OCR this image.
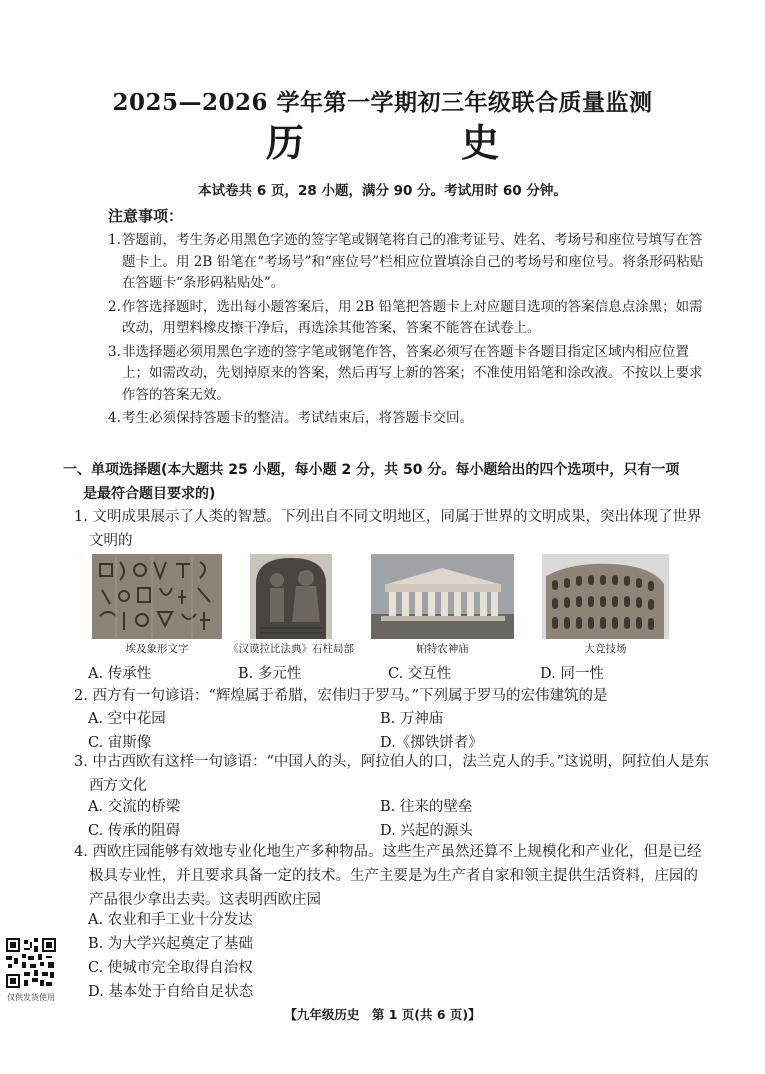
2025—2026 学年第一学期初三年级联合质量监测
历 史
本试卷共 6 页，28 小题，满分 90 分。考试用时 60 分钟。
注意事项：
1. 答题前，考生务必用黑色字迹的签字笔或钢笔将自己的准考证号、姓名、考场号和座位号填写在答题卡上。用 2B 铅笔在“考场号”和“座位号”栏相应位置填涂自己的考场号和座位号。将条形码粘贴在答题卡“条形码粘贴处”。
2. 作答选择题时，选出每小题答案后，用 2B 铅笔把答题卡上对应题目选项的答案信息点涂黑；如需改动，用塑料橡皮擦干净后，再选涂其他答案，答案不能答在试卷上。
3. 非选择题必须用黑色字迹的签字笔或钢笔作答，答案必须写在答题卡各题目指定区域内相应位置上；如需改动，先划掉原来的答案，然后再写上新的答案；不准使用铅笔和涂改液。不按以上要求作答的答案无效。
4. 考生必须保持答题卡的整洁。考试结束后，将答题卡交回。
一、单项选择题(本大题共 25 小题，每小题 2 分，共 50 分。每小题给出的四个选项中，只有一项
是最符合题目要求的)
1. 文明成果展示了人类的智慧。下列出自不同文明地区，同属于世界的文明成果，突出体现了世界文明的
埃及象形文字	《汉谟拉比法典》石柱局部	帕特农神庙	大竞技场
A. 传承性	B. 多元性	C. 交互性	D. 同一性
2. 西方有一句谚语：“辉煌属于希腊，宏伟归于罗马。”下列属于罗马的宏伟建筑的是
A. 空中花园	B. 万神庙
C. 宙斯像	D.《掷铁饼者》
3. 中古西欧有这样一句谚语：“中国人的头，阿拉伯人的口，法兰克人的手。”这说明，阿拉伯人是东西方文化
A. 交流的桥梁	B. 往来的壁垒
C. 传承的阻碍	D. 兴起的源头
4. 西欧庄园能够有效地专业化地生产多种物品。这些生产虽然还算不上规模化和产业化，但是已经极具专业性，并且要求具备一定的技术。生产主要是为生产者自家和领主提供生活资料，庄园的产品很少拿出去卖。这表明西欧庄园
A. 农业和手工业十分发达
B. 为大学兴起奠定了基础
C. 使城市完全取得自治权
D. 基本处于自给自足状态
仅供发货使用
【九年级历史　第 1 页(共 6 页)】
